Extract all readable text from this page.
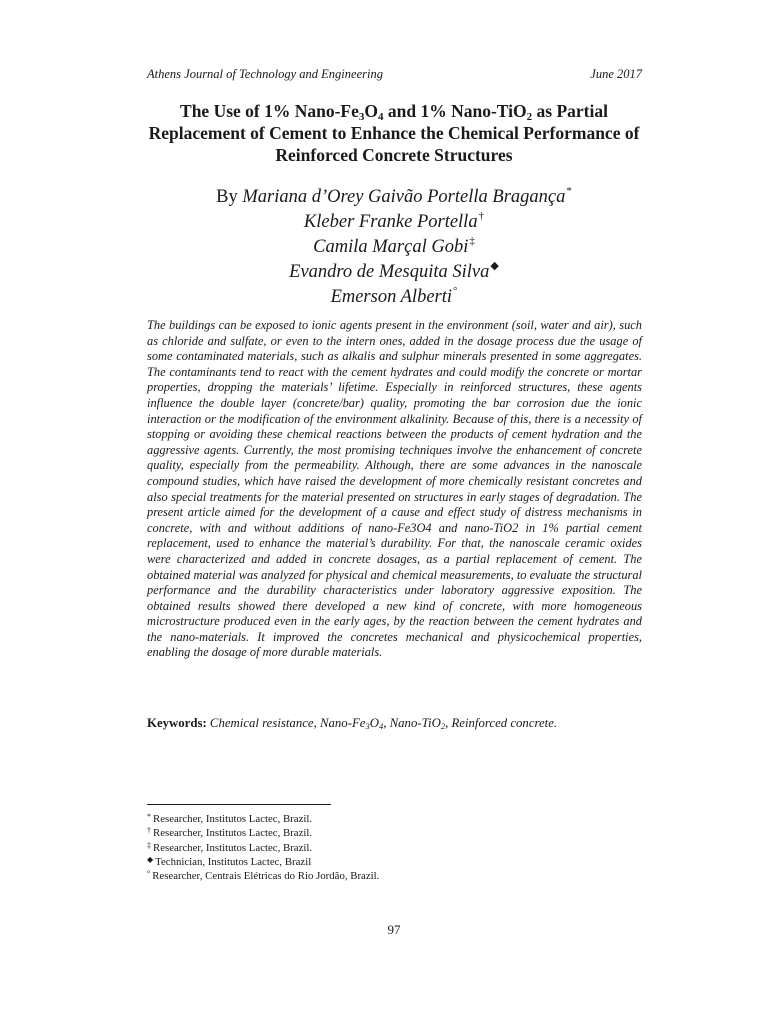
Athens Journal of Technology and Engineering	June 2017
The Use of 1% Nano-$Fe_3O_4$ and 1% Nano-TiO$_2$ as Partial Replacement of Cement to Enhance the Chemical Performance of Reinforced Concrete Structures
By Mariana d’Orey Gaivão Portella Bragança*
Kleber Franke Portella†
Camila Marçal Gobi‡
Evandro de Mesquita Silva◆
Emerson Alberti°

The buildings can be exposed to ionic agents present in the environment (soil, water and air), such as chloride and sulfate, or even to the intern ones, added in the dosage process due the usage of some contaminated materials, such as alkalis and sulphur minerals presented in some aggregates. The contaminants tend to react with the cement hydrates and could modify the concrete or mortar properties, dropping the materials’ lifetime. Especially in reinforced structures, these agents influence the double layer (concrete/bar) quality, promoting the bar corrosion due the ionic interaction or the modification of the environment alkalinity. Because of this, there is a necessity of stopping or avoiding these chemical reactions between the products of cement hydration and the aggressive agents. Currently, the most promising techniques involve the enhancement of concrete quality, especially from the permeability. Although, there are some advances in the nanoscale compound studies, which have raised the development of more chemically resistant concretes and also special treatments for the material presented on structures in early stages of degradation. The present article aimed for the development of a cause and effect study of distress mechanisms in concrete, with and without additions of nano-Fe3O4 and nano-TiO2 in 1% partial cement replacement, used to enhance the material’s durability. For that, the nanoscale ceramic oxides were characterized and added in concrete dosages, as a partial replacement of cement. The obtained material was analyzed for physical and chemical measurements, to evaluate the structural performance and the durability characteristics under laboratory aggressive exposition. The obtained results showed there developed a new kind of concrete, with more homogeneous microstructure produced even in the early ages, by the reaction between the cement hydrates and the nano-materials. It improved the concretes mechanical and physicochemical properties, enabling the dosage of more durable materials.

Keywords: Chemical resistance, Nano-$Fe_3O_4$, Nano-TiO$_2$, Reinforced concrete.
* Researcher, Institutos Lactec, Brazil.
† Researcher, Institutos Lactec, Brazil.
‡ Researcher, Institutos Lactec, Brazil.
◆ Technician, Institutos Lactec, Brazil
° Researcher, Centrais Elétricas do Rio Jordão, Brazil.
97
